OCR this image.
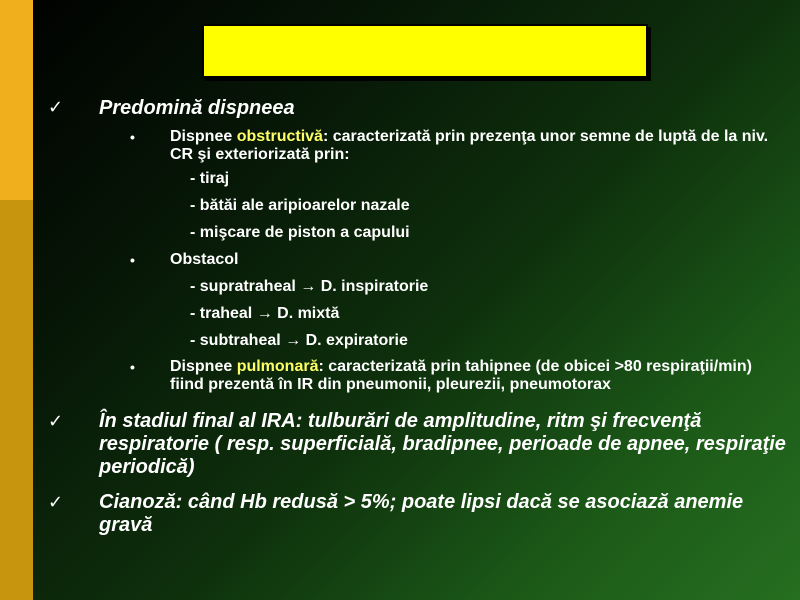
✓ Predomină dispneea
• Dispnee obstructivă: caracterizată prin prezenţa unor semne de luptă de la niv. CR şi exteriorizată prin:
- tiraj
- bătăi ale aripioarelor nazale
- mişcare de piston a capului
• Obstacol
- supratraheal → D. inspiratorie
- traheal → D. mixtă
- subtraheal → D. expiratorie
• Dispnee pulmonară: caracterizată prin tahipnee (de obicei >80 respiraţii/min) fiind prezentă în IR din pneumonii, pleurezii, pneumotorax
✓ În stadiul final al IRA: tulburări de amplitudine, ritm şi frecvenţă respiratorie ( resp. superficială, bradipnee, perioade de apnee, respiraţie periodică)
✓ Cianoză: când Hb redusă > 5%; poate lipsi dacă se asociază anemie gravă
